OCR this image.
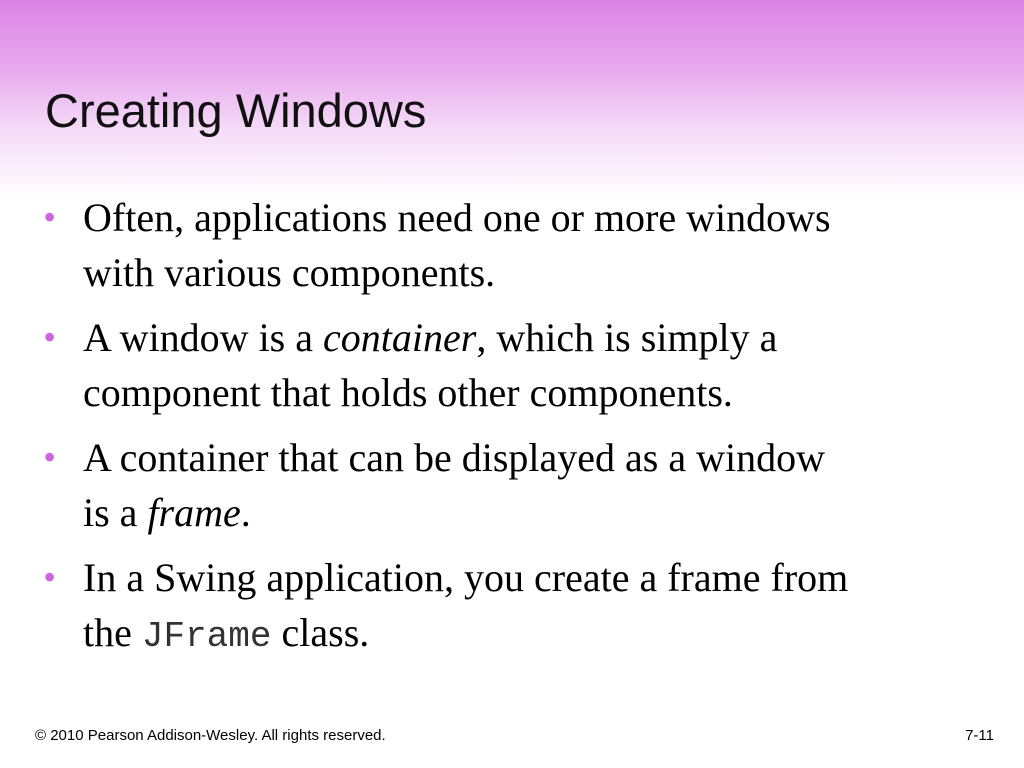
Creating Windows
• Often, applications need one or more windows
with various components.
• A window is a container, which is simply a
component that holds other components.
• A container that can be displayed as a window
is a frame.
• In a Swing application, you create a frame from
the JFrame class.
© 2010 Pearson Addison-Wesley. All rights reserved.	7-11
